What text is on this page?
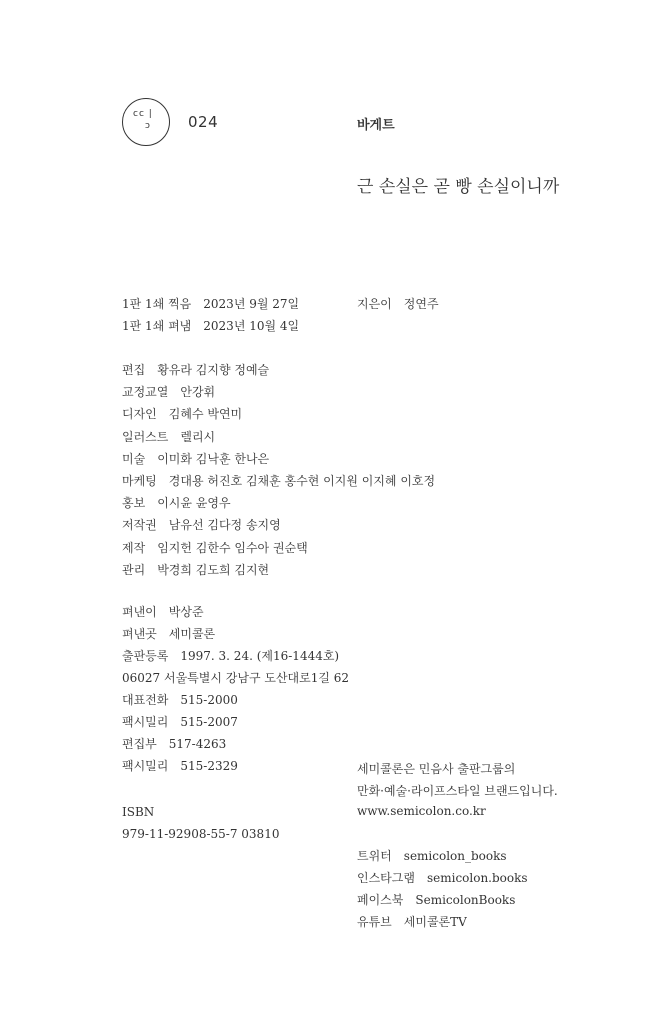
cc |
ɔ 024	바게트
근 손실은 곧 빵 손실이니까
1판 1쇄 찍음 2023년 9월 27일
1판 1쇄 펴냄 2023년 10월 4일
지은이 정연주
편집 황유라 김지향 정예슬
교정교열 안강휘
디자인 김혜수 박연미
일러스트 렐리시
미술 이미화 김낙훈 한나은
마케팅 경대용 허진호 김채훈 홍수현 이지원 이지혜 이호정
홍보 이시윤 윤영우
저작권 남유선 김다정 송지영
제작 임지헌 김한수 임수아 권순택
관리 박경희 김도희 김지현
펴낸이 박상준
펴낸곳 세미콜론
출판등록 1997. 3. 24. (제16-1444호)
06027 서울특별시 강남구 도산대로1길 62
대표전화 515-2000
팩시밀리 515-2007
편집부 517-4263
팩시밀리 515-2329
ISBN
979-11-92908-55-7 03810
세미콜론은 민음사 출판그룹의
만화·예술·라이프스타일 브랜드입니다.
www.semicolon.co.kr
트위터 semicolon_books
인스타그램 semicolon.books
페이스북 SemicolonBooks
유튜브 세미콜론TV
